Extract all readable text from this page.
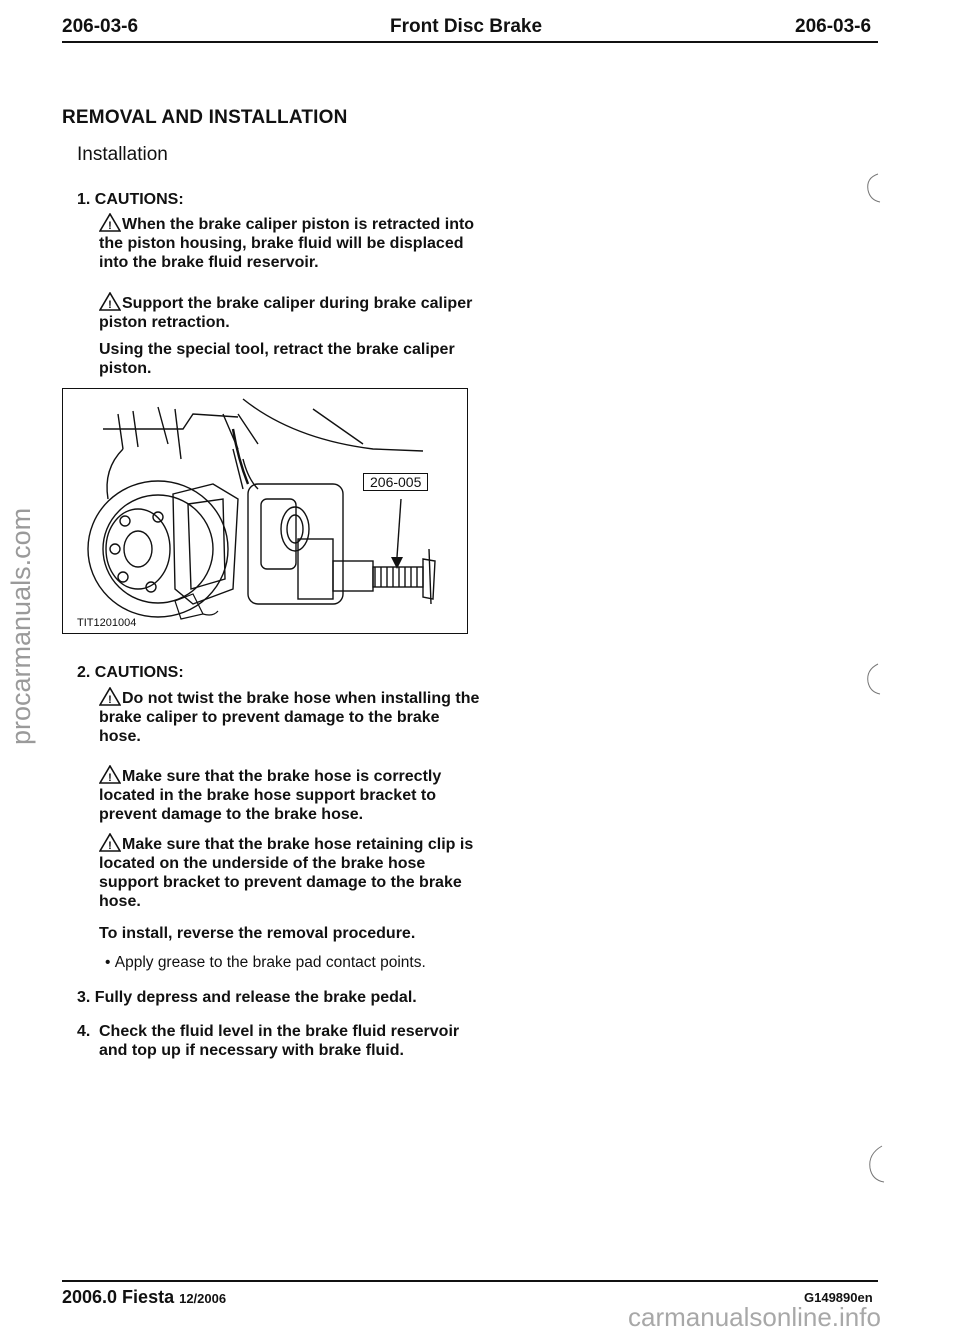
procarmanuals.com
carmanualsonline.info
206-03-6	Front Disc Brake	206-03-6
REMOVAL AND INSTALLATION
Installation
1. CAUTIONS:
! When the brake caliper piston is retracted into the piston housing, brake fluid will be displaced into the brake fluid reservoir.
! Support the brake caliper during brake caliper piston retraction.
Using the special tool, retract the brake caliper piston.
206-005
TIT1201004
2. CAUTIONS:
! Do not twist the brake hose when installing the brake caliper to prevent damage to the brake hose.
! Make sure that the brake hose is correctly located in the brake hose support bracket to prevent damage to the brake hose.
! Make sure that the brake hose retaining clip is located on the underside of the brake hose support bracket to prevent damage to the brake hose.
To install, reverse the removal procedure.
• Apply grease to the brake pad contact points.
3. Fully depress and release the brake pedal.
4. Check the fluid level in the brake fluid reservoir and top up if necessary with brake fluid.
2006.0 Fiesta 12/2006	G149890en
